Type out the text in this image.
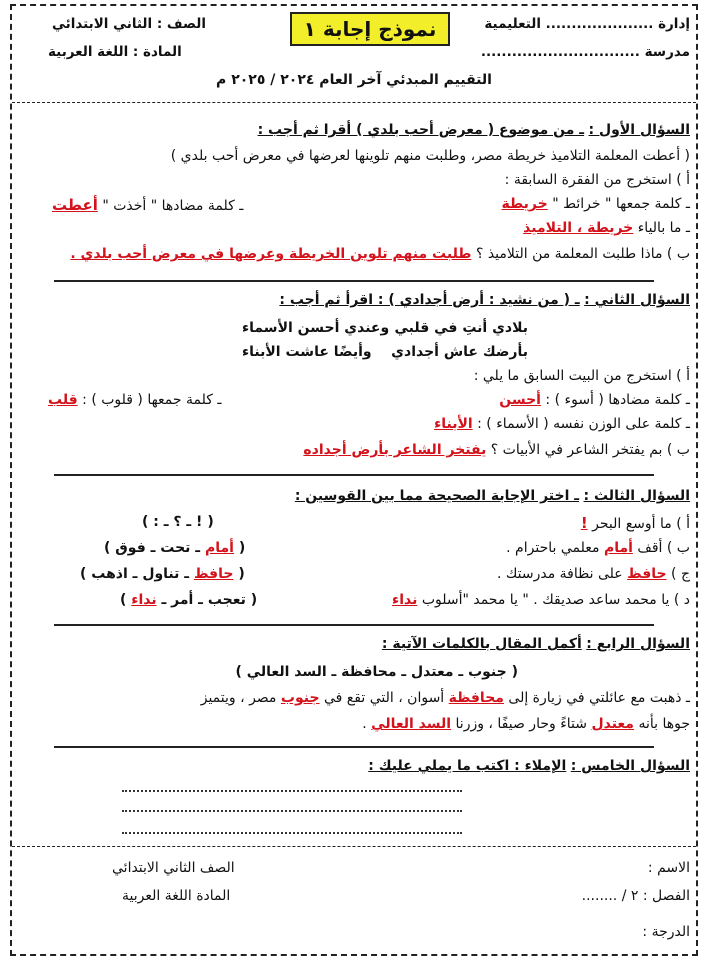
إدارة ..................... التعليمية
مدرسة ...............................
الصف : الثاني الابتدائي
المادة : اللغة العربية
نموذج إجابة ١
التقييم المبدئي آخر العام ٢٠٢٤ / ٢٠٢٥ م
السؤال الأول : ـ من موضوع ( معرض أحب بلدي ) أقرا ثم أجب :
( أعطت المعلمة التلاميذ خريطة مصر، وطلبت منهم تلوينها لعرضها في معرض أحب بلدي )
أ ) استخرج من الفقرة السابقة :
ـ كلمة جمعها " خرائط " خريطة
ـ كلمة مضادها " أخذت " أعطت
ـ ما بالياء خريطة ، التلاميذ
ب ) ماذا طلبت المعلمة من التلاميذ ؟ طلبت منهم تلوين الخريطة وعرضها في معرض أحب بلدي .
السؤال الثاني : ـ ( من نشيد : أرض أجدادي ) : اقرأ ثم أجب :
بلادي أنتِ في قلبي
وعندي أحسن الأسماء
بأرضك عاش أجدادي
وأيضًا عاشت الأبناء
أ ) استخرج من البيت السابق ما يلي :
ـ كلمة مضادها ( أسوء ) : أحسن
ـ كلمة جمعها ( قلوب ) : قلب
ـ كلمة على الوزن نفسه ( الأسماء ) : الأبناء
ب ) بم يفتخر الشاعر في الأبيات ؟ يفتخر الشاعر بأرض أجداده
السؤال الثالث : ـ اختر الإجابة الصحيحة مما بين القوسين :
أ ) ما أوسع البحر !
( ! ـ ؟ ـ : )
ب ) أقف أمام معلمي باحترام .
( أمام ـ تحت ـ فوق )
ج ) حافظ على نظافة مدرستك .
( حافظ ـ تناول ـ اذهب )
د ) يا محمد ساعد صديقك . " يا محمد "أسلوب نداء
( تعجب ـ أمر ـ نداء )
السؤال الرابع : أكمل المقال بالكلمات الآتية :
( جنوب ـ معتدل ـ محافظة ـ السد العالي )
ـ ذهبت مع عائلتي في زيارة إلى محافظة أسوان ، التي تقع في جنوب مصر ، ويتميز
جوها بأنه معتدل شتاءً وحار صيفًا ، وزرنا السد العالي .
السؤال الخامس : الإملاء : اكتب ما يملي عليك :
الاسم :
الصف الثاني الابتدائي
الفصل : ٢ / ........
المادة اللغة العربية
الدرجة :
